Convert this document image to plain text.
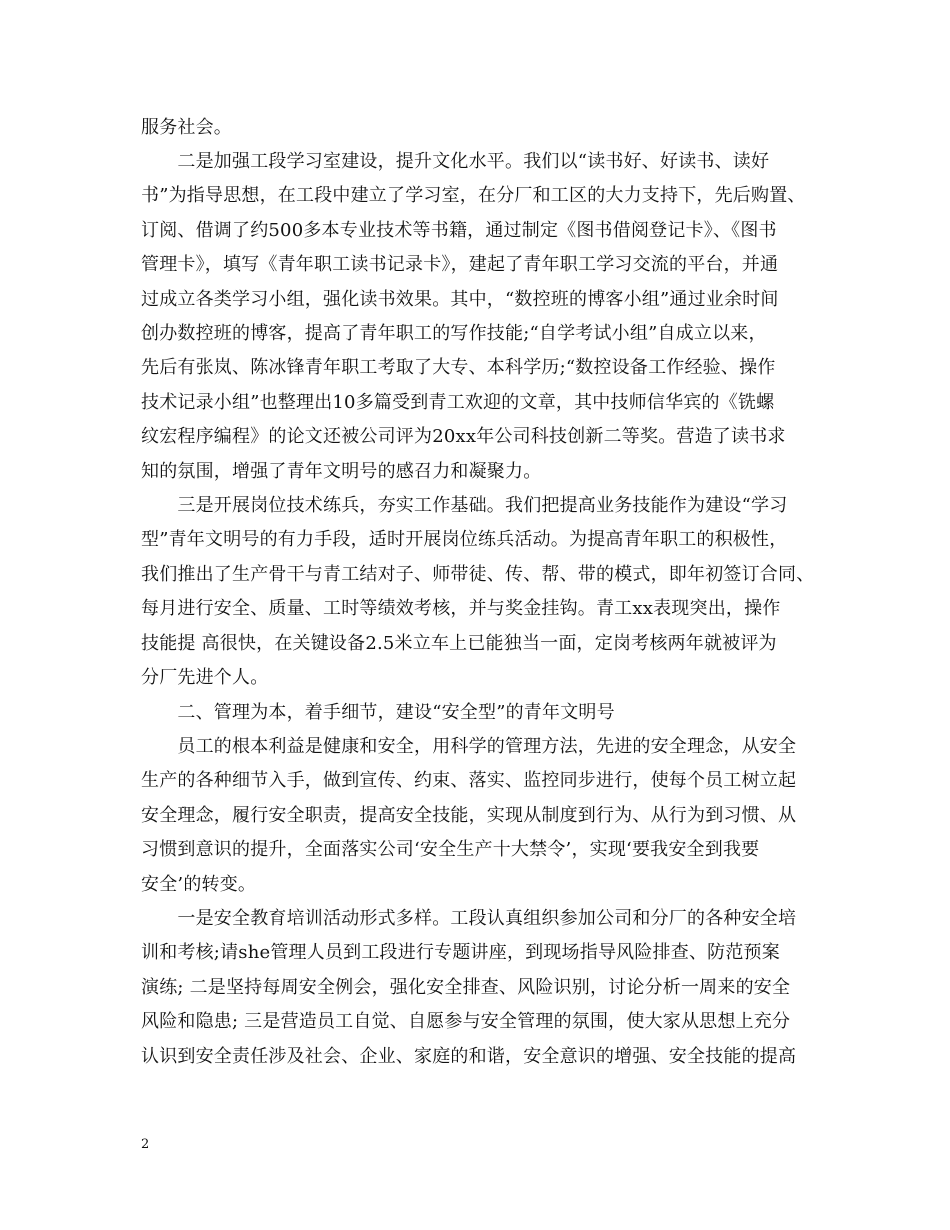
服务社会。
　　二是加强工段学习室建设，提升文化水平。我们以“读书好、好读书、读好
书”为指导思想，在工段中建立了学习室，在分厂和工区的大力支持下，先后购置、
订阅、借调了约500多本专业技术等书籍，通过制定《图书借阅登记卡》、《图书
管理卡》，填写《青年职工读书记录卡》，建起了青年职工学习交流的平台，并通
过成立各类学习小组，强化读书效果。其中，“数控班的博客小组”通过业余时间
创办数控班的博客，提高了青年职工的写作技能;“自学考试小组”自成立以来，
先后有张岚、陈冰锋青年职工考取了大专、本科学历;“数控设备工作经验、操作
技术记录小组”也整理出10多篇受到青工欢迎的文章，其中技师信华宾的《铣螺
纹宏程序编程》的论文还被公司评为20xx年公司科技创新二等奖。营造了读书求
知的氛围，增强了青年文明号的感召力和凝聚力。
　　三是开展岗位技术练兵，夯实工作基础。我们把提高业务技能作为建设“学习
型”青年文明号的有力手段，适时开展岗位练兵活动。为提高青年职工的积极性，
我们推出了生产骨干与青工结对子、师带徒、传、帮、带的模式，即年初签订合同、
每月进行安全、质量、工时等绩效考核，并与奖金挂钩。青工xx表现突出，操作
技能提 高很快，在关键设备2.5米立车上已能独当一面，定岗考核两年就被评为
分厂先进个人。
　　二、管理为本，着手细节，建设“安全型”的青年文明号
　　员工的根本利益是健康和安全，用科学的管理方法，先进的安全理念，从安全
生产的各种细节入手，做到宣传、约束、落实、监控同步进行，使每个员工树立起
安全理念，履行安全职责，提高安全技能，实现从制度到行为、从行为到习惯、从
习惯到意识的提升，全面落实公司‘安全生产十大禁令’，实现‘要我安全到我要
安全’的转变。
　　一是安全教育培训活动形式多样。工段认真组织参加公司和分厂的各种安全培
训和考核;请she管理人员到工段进行专题讲座，到现场指导风险排查、防范预案
演练; 二是坚持每周安全例会，强化安全排查、风险识别，讨论分析一周来的安全
风险和隐患; 三是营造员工自觉、自愿参与安全管理的氛围，使大家从思想上充分
认识到安全责任涉及社会、企业、家庭的和谐，安全意识的增强、安全技能的提高
2
